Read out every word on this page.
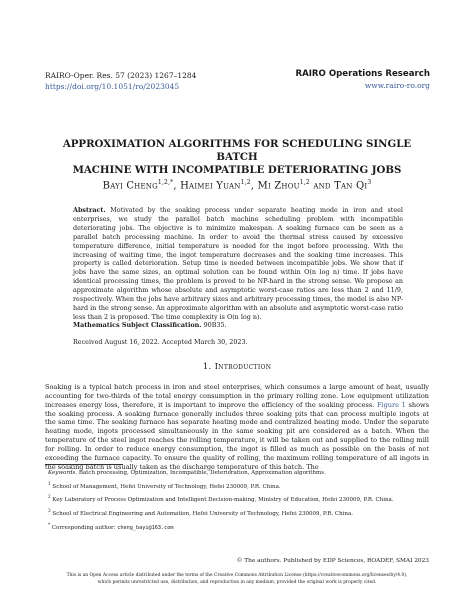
RAIRO-Oper. Res. 57 (2023) 1267–1284
https://doi.org/10.1051/ro/2023045
RAIRO Operations Research
www.rairo-ro.org
APPROXIMATION ALGORITHMS FOR SCHEDULING SINGLE BATCH
MACHINE WITH INCOMPATIBLE DETERIORATING JOBS
Bayi Cheng$^{1,2,*}$, Haimei Yuan$^{1,2}$, Mi Zhou$^{1,2}$ and Tan Qi$^3$
Abstract. Motivated by the soaking process under separate heating mode in iron and steel enterprises, we study the parallel batch machine scheduling problem with incompatible deteriorating jobs. The objective is to minimize makespan. A soaking furnace can be seen as a parallel batch processing machine. In order to avoid the thermal stress caused by excessive temperature difference, initial temperature is needed for the ingot before processing. With the increasing of waiting time, the ingot temperature decreases and the soaking time increases. This property is called deterioration. Setup time is needed between incompatible jobs. We show that if jobs have the same sizes, an optimal solution can be found within O(n log n) time. If jobs have identical processing times, the problem is proved to be NP-hard in the strong sense. We propose an approximate algorithm whose absolute and asymptotic worst-case ratios are less than 2 and 11/9, respectively. When the jobs have arbitrary sizes and arbitrary processing times, the model is also NP-hard in the strong sense. An approximate algorithm with an absolute and asymptotic worst-case ratio less than 2 is proposed. The time complexity is O(n log n).
Mathematics Subject Classification. 90B35.
Received August 16, 2022. Accepted March 30, 2023.
1. Introduction
Soaking is a typical batch process in iron and steel enterprises, which consumes a large amount of heat, usually accounting for two-thirds of the total energy consumption in the primary rolling zone. Low equipment utilization increases energy loss, therefore, it is important to improve the efficiency of the soaking process. Figure 1 shows the soaking process. A soaking furnace generally includes three soaking pits that can process multiple ingots at the same time. The soaking furnace has separate heating mode and centralized heating mode. Under the separate heating mode, ingots processed simultaneously in the same soaking pit are considered as a batch. When the temperature of the steel ingot reaches the rolling temperature, it will be taken out and supplied to the rolling mill for rolling. In order to reduce energy consumption, the ingot is filled as much as possible on the basis of not exceeding the furnace capacity. To ensure the quality of rolling, the maximum rolling temperature of all ingots in the soaking batch is usually taken as the discharge temperature of this batch. The
Keywords. Batch processing, Optimization, Incompatible, Deterioration, Approximation algorithms.
$^1$ School of Management, Hefei University of Technology, Hefei 230009, P.R. China.
$^2$ Key Laboratory of Process Optimization and Intelligent Decision-making, Ministry of Education, Hefei 230009, P.R. China.
$^3$ School of Electrical Engineering and Automation, Hefei University of Technology, Hefei 230009, P.R. China.
* Corresponding author: cheng_bayi@163.com
© The authors. Published by EDP Sciences, ROADEF, SMAI 2023
This is an Open Access article distributed under the terms of the Creative Commons Attribution License (https://creativecommons.org/licenses/by/4.0),
which permits unrestricted use, distribution, and reproduction in any medium, provided the original work is properly cited.
